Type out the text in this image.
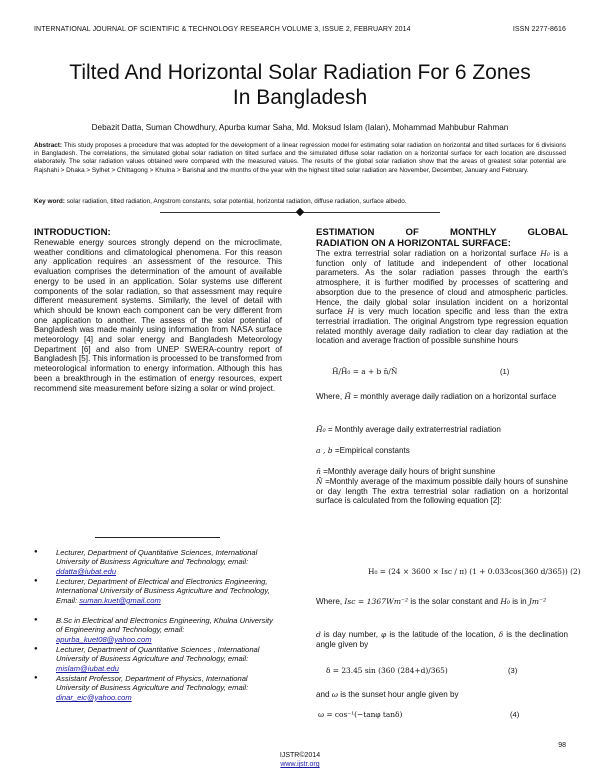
INTERNATIONAL JOURNAL OF SCIENTIFIC & TECHNOLOGY RESEARCH VOLUME 3, ISSUE 2, FEBRUARY 2014	ISSN 2277-8616
Tilted And Horizontal Solar Radiation For 6 Zones In Bangladesh
Debazit Datta, Suman Chowdhury, Apurba kumar Saha, Md. Moksud Islam (Ialan), Mohammad Mahbubur Rahman
Abstract: This study proposes a procedure that was adopted for the development of a linear regression model for estimating solar radiation on horizontal and tilted surfaces for 6 divisions in Bangladesh. The correlations, the simulated global solar radiation on tilted surface and the simulated diffuse solar radiation on a horizontal surface for each location are discussed elaborately. The solar radiation values obtained were compared with the measured values. The results of the global solar radiation show that the areas of greatest solar potential are Rajshahi > Dhaka > Sylhet > Chittagong > Khulna > Barishal and the months of the year with the highest tilted solar radiation are November, December, January and February.
Key word: solar radiation, tilted radiation, Angstrom constants, solar potential, horizontal radiation, diffuse radiation, surface albedo.
INTRODUCTION:
Renewable energy sources strongly depend on the microclimate, weather conditions and climatological phenomena. For this reason any application requires an assessment of the resource. This evaluation comprises the determination of the amount of available energy to be used in an application. Solar systems use different components of the solar radiation, so that assessment may require different measurement systems. Similarly, the level of detail with which should be known each component can be very different from one application to another. The assess of the solar potential of Bangladesh was made mainly using information from NASA surface meteorology [4] and solar energy and Bangladesh Meteorology Department [6] and also from UNEP SWERA-country report of Bangladesh [5]. This information is processed to be transformed from meteorological information to energy information. Although this has been a breakthrough in the estimation of energy resources, expert recommend site measurement before sizing a solar or wind project.
● Lecturer, Department of Quantitative Sciences, International University of Business Agriculture and Technology, email: ddatta@iubat.edu
● Lecturer, Department of Electrical and Electronics Engineering, International University of Business Agriculture and Technology,
Email: suman.kuet@gmail.com
● B.Sc in Electrical and Electronics Engineering, Khulna University of Engineering and Technology, email: apurba_kuet08@yahoo.com
● Lecturer, Department of Quantitative Sciences , International University of Business Agriculture and Technology, email: mislam@iubat.edu
● Assistant Professor, Department of Physics, International University of Business Agriculture and Technology, email: dinar_eic@yahoo.com
ESTIMATION OF MONTHLY GLOBAL
RADIATION ON A HORIZONTAL SURFACE:
The extra terrestrial solar radiation on a horizontal surface H₀ is a function only of latitude and independent of other locational parameters. As the solar radiation passes through the earth's atmosphere, it is further modified by processes of scattering and absorption due to the presence of cloud and atmospheric particles. Hence, the daily global solar insulation incident on a horizontal surface H is very much location specific and less than the extra terrestrial irradiation. The original Angstrom type regression equation related monthly average daily radiation to clear day radiation at the location and average fraction of possible sunshine hours
H̄/H̄₀ = a + b n̄/N̄	(1)
Where, H̄ = monthly average daily radiation on a horizontal surface
H̄₀ = Monthly average daily extraterrestrial radiation
a , b =Empirical constants
n̄ =Monthly average daily hours of bright sunshine
N̄ =Monthly average of the maximum possible daily hours of sunshine or day length The extra terrestrial solar radiation on a horizontal surface is calculated from the following equation [2]:
H₀ = (24 × 3600 × Isc / π) (1 + 0.033cos(360 d/365)) (2)
Where, Isc = 1367Wm⁻² is the solar constant and H₀ is in Jm⁻²
d is day number, φ is the latitude of the location, δ is the declination angle given by
δ = 23.45 sin (360 (284+d)/365)	(3)
and ω is the sunset hour angle given by
ω = cos⁻¹(−tanφ tanδ)	(4)
98
IJSTR©2014
www.ijstr.org
